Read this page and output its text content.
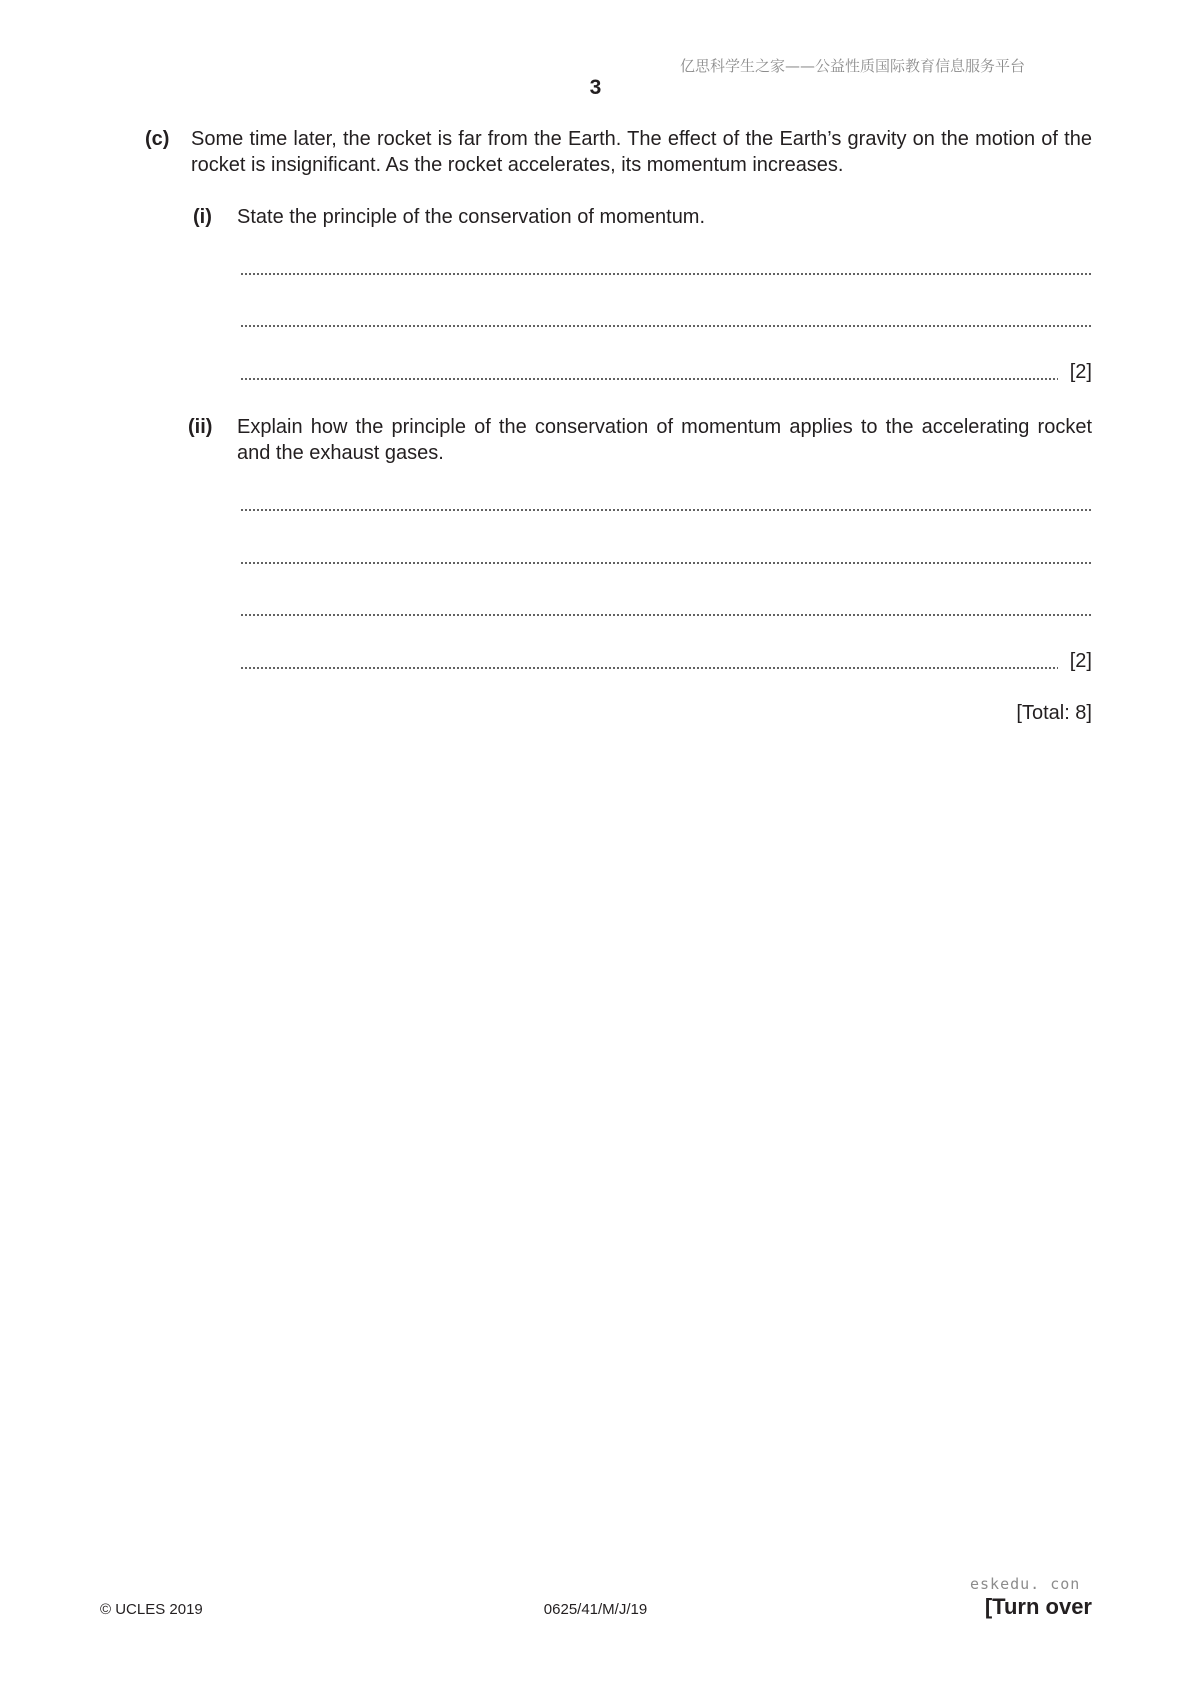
亿思科学生之家——公益性质国际教育信息服务平台
3
(c) Some time later, the rocket is far from the Earth. The effect of the Earth’s gravity on the motion of the rocket is insignificant. As the rocket accelerates, its momentum increases.
(i) State the principle of the conservation of momentum.
[2]
(ii) Explain how the principle of the conservation of momentum applies to the accelerating rocket and the exhaust gases.
[2]
[Total: 8]
© UCLES 2019	0625/41/M/J/19
eskedu. con
[Turn over
